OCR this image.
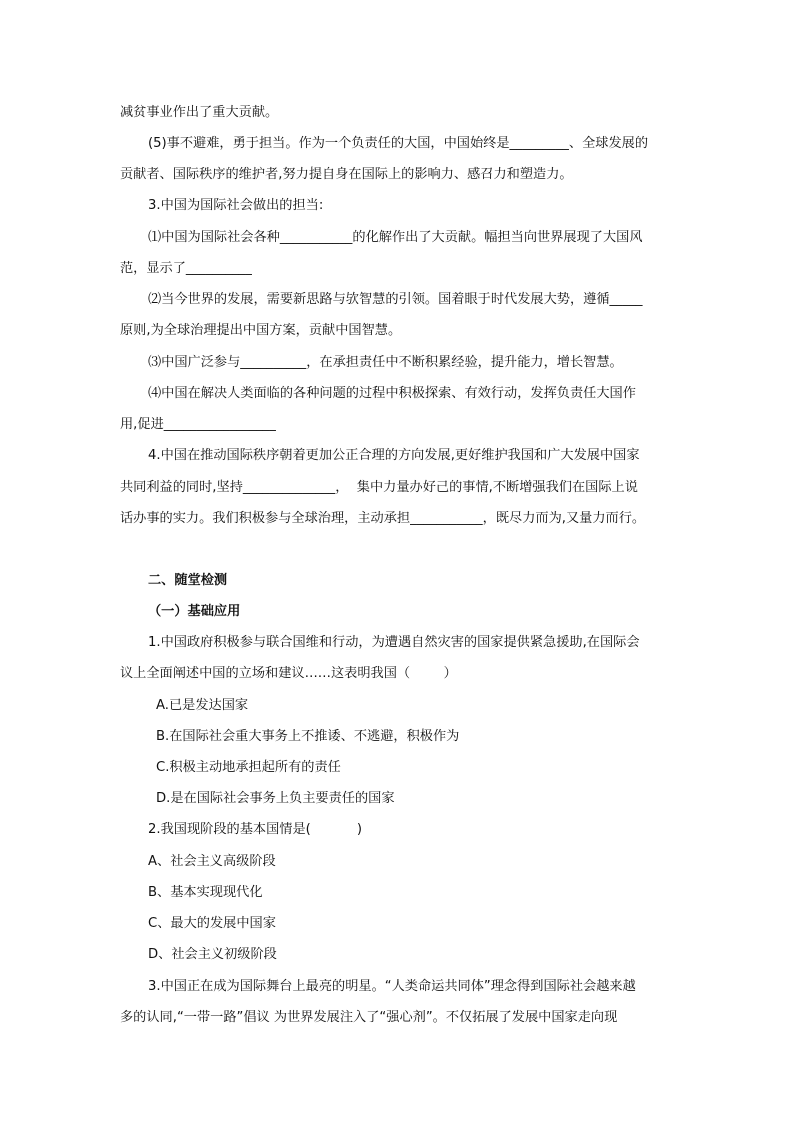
减贫事业作出了重大贡献。
(5)事不避难，勇于担当。作为一个负责任的大国，中国始终是_________、全球发展的
贡献者、国际秩序的维护者,努力提自身在国际上的影响力、感召力和塑造力。
3.中国为国际社会做出的担当:
⑴中国为国际社会各种___________的化解作出了大贡献。幅担当向世界展现了大国风
范，显示了__________
⑵当今世界的发展，需要新思路与欤智慧的引领。国着眼于时代发展大势，遵循_____
原则,为全球治理提出中国方案，贡献中国智慧。
⑶中国广泛参与__________，在承担责任中不断积累经验，提升能力，增长智慧。
⑷中国在解决人类面临的各种问题的过程中积极探索、有效行动，发挥负责任大国作
用,促进_________________
4.中国在推动国际秩序朝着更加公正合理的方向发展,更好维护我国和广大发展中国家
共同利益的同时,坚持______________，  集中力量办好己的事情,不断增强我们在国际上说
话办事的实力。我们积极参与全球治理，主动承担___________，既尽力而为,又量力而行。
二、随堂检测
（一）基础应用
1.中国政府积极参与联合国维和行动，为遭遇自然灾害的国家提供紧急援助,在国际会
议上全面阐述中国的立场和建议……这表明我国（        ）
A.已是发达国家
B.在国际社会重大事务上不推诿、不逃避，积极作为
C.积极主动地承担起所有的责任
D.是在国际社会事务上负主要责任的国家
2.我国现阶段的基本国情是(           )
A、社会主义高级阶段
B、基本实现现代化
C、最大的发展中国家
D、社会主义初级阶段
3.中国正在成为国际舞台上最亮的明星。“人类命运共同体”理念得到国际社会越来越
多的认同,“一带一路”倡议 为世界发展注入了“强心剂”。不仅拓展了发展中国家走向现
